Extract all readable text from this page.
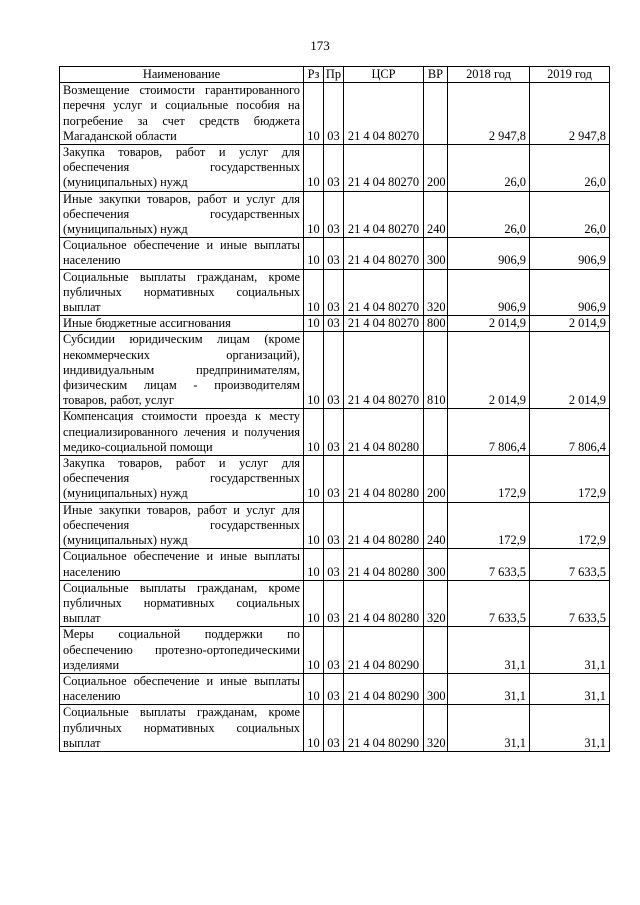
173
Наименование	Рз	Пр	ЦСР	ВР	2018 год	2019 год
Возмещение стоимости гарантированного перечня услуг и социальные пособия на погребение за счет средств бюджета Магаданской области	10	03	21 4 04 80270		2 947,8	2 947,8
Закупка товаров, работ и услуг для обеспечения государственных (муниципальных) нужд	10	03	21 4 04 80270	200	26,0	26,0
Иные закупки товаров, работ и услуг для обеспечения государственных (муниципальных) нужд	10	03	21 4 04 80270	240	26,0	26,0
Социальное обеспечение и иные выплаты населению	10	03	21 4 04 80270	300	906,9	906,9
Социальные выплаты гражданам, кроме публичных нормативных социальных выплат	10	03	21 4 04 80270	320	906,9	906,9
Иные бюджетные ассигнования	10	03	21 4 04 80270	800	2 014,9	2 014,9
Субсидии юридическим лицам (кроме некоммерческих организаций), индивидуальным предпринимателям, физическим лицам - производителям товаров, работ, услуг	10	03	21 4 04 80270	810	2 014,9	2 014,9
Компенсация стоимости проезда к месту специализированного лечения и получения медико-социальной помощи	10	03	21 4 04 80280		7 806,4	7 806,4
Закупка товаров, работ и услуг для обеспечения государственных (муниципальных) нужд	10	03	21 4 04 80280	200	172,9	172,9
Иные закупки товаров, работ и услуг для обеспечения государственных (муниципальных) нужд	10	03	21 4 04 80280	240	172,9	172,9
Социальное обеспечение и иные выплаты населению	10	03	21 4 04 80280	300	7 633,5	7 633,5
Социальные выплаты гражданам, кроме публичных нормативных социальных выплат	10	03	21 4 04 80280	320	7 633,5	7 633,5
Меры социальной поддержки по обеспечению протезно-ортопедическими изделиями	10	03	21 4 04 80290		31,1	31,1
Социальное обеспечение и иные выплаты населению	10	03	21 4 04 80290	300	31,1	31,1
Социальные выплаты гражданам, кроме публичных нормативных социальных выплат	10	03	21 4 04 80290	320	31,1	31,1
